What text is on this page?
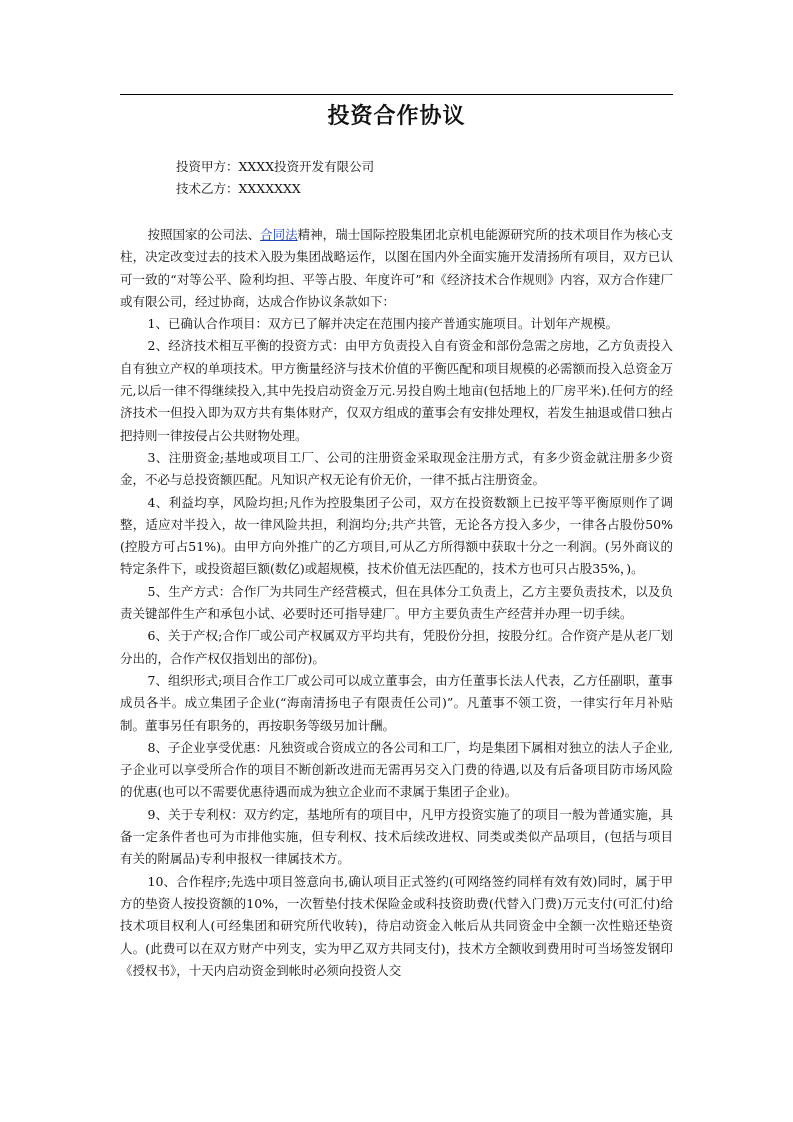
投资合作协议
投资甲方：XXXX投资开发有限公司
技术乙方：XXXXXXX

按照国家的公司法、合同法精神，瑞士国际控股集团北京机电能源研究所的技术项目作为核心支柱，决定改变过去的技术入股为集团战略运作，以图在国内外全面实施开发清扬所有项目，双方已认可一致的“对等公平、险利均担、平等占股、年度许可”和《经济技术合作规则》内容，双方合作建厂或有限公司，经过协商，达成合作协议条款如下：

1、已确认合作项目：双方已了解并决定在范围内接产普通实施项目。计划年产规模。

2、经济技术相互平衡的投资方式：由甲方负责投入自有资金和部份急需之房地，乙方负责投入自有独立产权的单项技术。甲方衡量经济与技术价值的平衡匹配和项目规模的必需额而投入总资金万元,以后一律不得继续投入,其中先投启动资金万元.另投自购土地亩(包括地上的厂房平米).任何方的经济技术一但投入即为双方共有集体财产，仅双方组成的董事会有安排处理权，若发生抽退或借口独占把持则一律按侵占公共财物处理。

3、注册资金;基地或项目工厂、公司的注册资金采取现金注册方式，有多少资金就注册多少资金，不必与总投资额匹配。凡知识产权无论有价无价，一律不抵占注册资金。

4、利益均享，风险均担;凡作为控股集团子公司，双方在投资数额上已按平等平衡原则作了调整，适应对半投入，故一律风险共担，利润均分;共产共管，无论各方投入多少，一律各占股份50%(控股方可占51%)。由甲方向外推广的乙方项目,可从乙方所得额中获取十分之一利润。(另外商议的特定条件下，或投资超巨额(数亿)或超规模，技术价值无法匹配的，技术方也可只占股35%，)。

5、生产方式：合作厂为共同生产经营模式，但在具体分工负责上，乙方主要负责技术，以及负责关键部件生产和承包小试、必要时还可指导建厂。甲方主要负责生产经营并办理一切手续。

6、关于产权;合作厂或公司产权属双方平均共有，凭股份分担，按股分红。合作资产是从老厂划分出的，合作产权仅指划出的部份)。

7、组织形式;项目合作工厂或公司可以成立董事会，由方任董事长法人代表，乙方任副职，董事成员各半。成立集团子企业(“海南清扬电子有限责任公司)”。凡董事不领工资，一律实行年月补贴制。董事另任有职务的，再按职务等级另加计酬。

8、子企业享受优惠：凡独资或合资成立的各公司和工厂，均是集团下属相对独立的法人子企业,子企业可以享受所合作的项目不断创新改进而无需再另交入门费的待遇,以及有后备项目防市场风险的优惠(也可以不需要优惠待遇而成为独立企业而不隶属于集团子企业)。

9、关于专利权：双方约定，基地所有的项目中，凡甲方投资实施了的项目一般为普通实施，具备一定条件者也可为市排他实施，但专利权、技术后续改进权、同类或类似产品项目，(包括与项目有关的附属品)专利申报权一律属技术方。

10、合作程序;先选中项目签意向书,确认项目正式签约(可网络签约同样有效有效)同时，属于甲方的垫资人按投资额的10%，一次暂垫付技术保险金或科技资助费(代替入门费)万元支付(可汇付)给技术项目权利人(可经集团和研究所代收转)，待启动资金入帐后从共同资金中全额一次性赔还垫资人。(此费可以在双方财产中列支，实为甲乙双方共同支付)，技术方全额收到费用时可当场签发钢印《授权书》，十天内启动资金到帐时必须向投资人交
